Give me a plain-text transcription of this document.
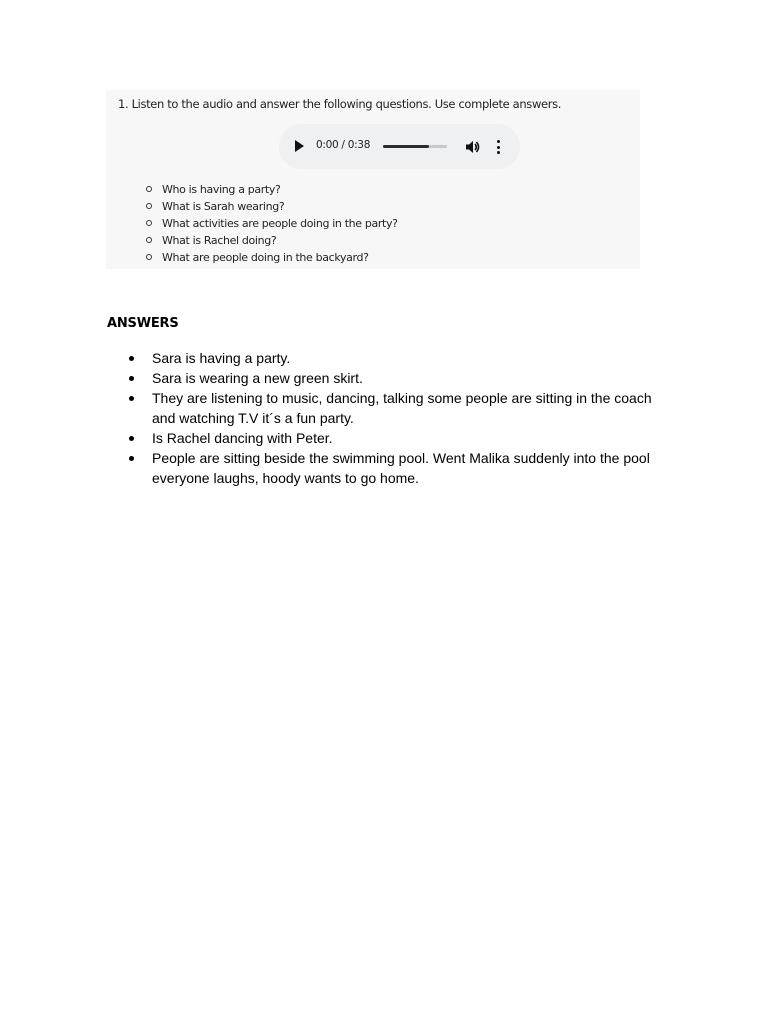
1. Listen to the audio and answer the following questions. Use complete answers.
0:00 / 0:38
Who is having a party?
What is Sarah wearing?
What activities are people doing in the party?
What is Rachel doing?
What are people doing in the backyard?
ANSWERS
Sara is having a party.
Sara is wearing a new green skirt.
They are listening to music, dancing, talking some people are sitting in the coach and watching T.V it´s a fun party.
Is Rachel dancing with Peter.
People are sitting beside the swimming pool. Went Malika suddenly into the pool everyone laughs, hoody wants to go home.
